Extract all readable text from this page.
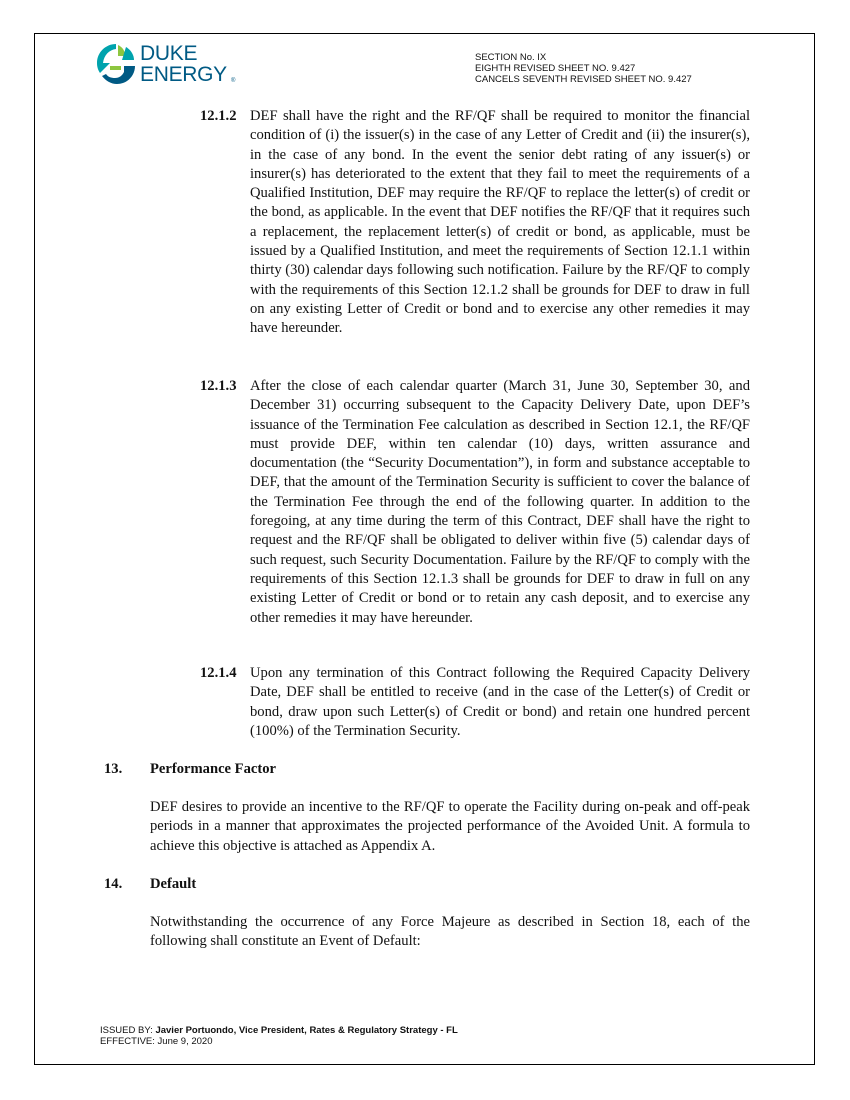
DUKE
ENERGY ®
SECTION No. IX
EIGHTH REVISED SHEET NO. 9.427
CANCELS SEVENTH REVISED SHEET NO. 9.427
12.1.2 DEF shall have the right and the RF/QF shall be required to monitor the financial condition of (i) the issuer(s) in the case of any Letter of Credit and (ii) the insurer(s), in the case of any bond. In the event the senior debt rating of any issuer(s) or insurer(s) has deteriorated to the extent that they fail to meet the requirements of a Qualified Institution, DEF may require the RF/QF to replace the letter(s) of credit or the bond, as applicable. In the event that DEF notifies the RF/QF that it requires such a replacement, the replacement letter(s) of credit or bond, as applicable, must be issued by a Qualified Institution, and meet the requirements of Section 12.1.1 within thirty (30) calendar days following such notification. Failure by the RF/QF to comply with the requirements of this Section 12.1.2 shall be grounds for DEF to draw in full on any existing Letter of Credit or bond and to exercise any other remedies it may have hereunder.
12.1.3 After the close of each calendar quarter (March 31, June 30, September 30, and December 31) occurring subsequent to the Capacity Delivery Date, upon DEF’s issuance of the Termination Fee calculation as described in Section 12.1, the RF/QF must provide DEF, within ten calendar (10) days, written assurance and documentation (the “Security Documentation”), in form and substance acceptable to DEF, that the amount of the Termination Security is sufficient to cover the balance of the Termination Fee through the end of the following quarter. In addition to the foregoing, at any time during the term of this Contract, DEF shall have the right to request and the RF/QF shall be obligated to deliver within five (5) calendar days of such request, such Security Documentation. Failure by the RF/QF to comply with the requirements of this Section 12.1.3 shall be grounds for DEF to draw in full on any existing Letter of Credit or bond or to retain any cash deposit, and to exercise any other remedies it may have hereunder.
12.1.4 Upon any termination of this Contract following the Required Capacity Delivery Date, DEF shall be entitled to receive (and in the case of the Letter(s) of Credit or bond, draw upon such Letter(s) of Credit or bond) and retain one hundred percent (100%) of the Termination Security.
13. Performance Factor
DEF desires to provide an incentive to the RF/QF to operate the Facility during on-peak and off-peak periods in a manner that approximates the projected performance of the Avoided Unit. A formula to achieve this objective is attached as Appendix A.
14. Default
Notwithstanding the occurrence of any Force Majeure as described in Section 18, each of the following shall constitute an Event of Default:
ISSUED BY: Javier Portuondo, Vice President, Rates & Regulatory Strategy - FL
EFFECTIVE: June 9, 2020
